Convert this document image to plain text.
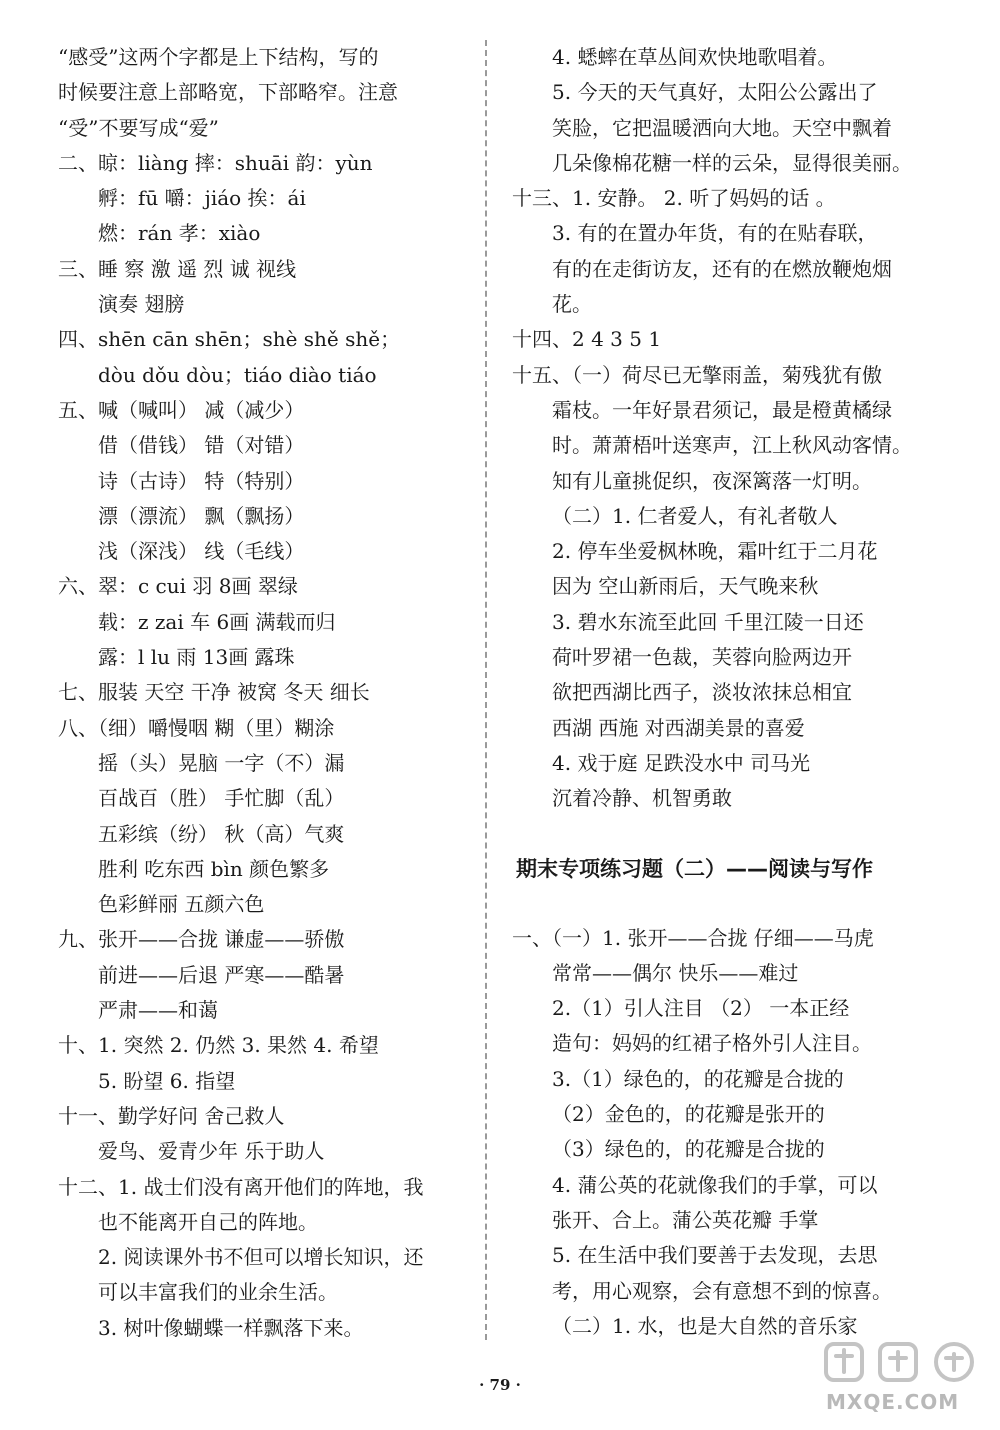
“感受”这两个字都是上下结构，写的
时候要注意上部略宽，下部略窄。注意
“受”不要写成“爱”
二、晾：liàng 摔：shuāi 韵：yùn
孵：fū 嚼：jiáo 挨：ái
燃：rán 孝：xiào
三、睡 察 激 遥 烈 诚 视线
演奏 翅膀
四、shēn cān shēn；shè shě shě；
dòu dǒu dòu；tiáo diào tiáo
五、喊（喊叫） 减（减少）
借（借钱） 错（对错）
诗（古诗） 特（特别）
漂（漂流） 飘（飘扬）
浅（深浅） 线（毛线）
六、翠：c cui 羽 8画 翠绿
载：z zai 车 6画 满载而归
露：l lu 雨 13画 露珠
七、服装 天空 干净 被窝 冬天 细长
八、（细）嚼慢咽 糊（里）糊涂
摇（头）晃脑 一字（不）漏
百战百（胜） 手忙脚（乱）
五彩缤（纷） 秋（高）气爽
胜利 吃东西 bìn 颜色繁多
色彩鲜丽 五颜六色
九、张开——合拢 谦虚——骄傲
前进——后退 严寒——酷暑
严肃——和蔼
十、1. 突然 2. 仍然 3. 果然 4. 希望
5. 盼望 6. 指望
十一、勤学好问 舍己救人
爱鸟、爱青少年 乐于助人
十二、1. 战士们没有离开他们的阵地，我
也不能离开自己的阵地。
2. 阅读课外书不但可以增长知识，还
可以丰富我们的业余生活。
3. 树叶像蝴蝶一样飘落下来。
4. 蟋蟀在草丛间欢快地歌唱着。
5. 今天的天气真好，太阳公公露出了
笑脸，它把温暖洒向大地。天空中飘着
几朵像棉花糖一样的云朵，显得很美丽。
十三、1. 安静。 2. 听了妈妈的话 。
3. 有的在置办年货，有的在贴春联，
有的在走街访友，还有的在燃放鞭炮烟
花。
十四、2 4 3 5 1
十五、（一）荷尽已无擎雨盖，菊残犹有傲
霜枝。一年好景君须记，最是橙黄橘绿
时。萧萧梧叶送寒声，江上秋风动客情。
知有儿童挑促织，夜深篱落一灯明。
（二）1. 仁者爱人，有礼者敬人
2. 停车坐爱枫林晚，霜叶红于二月花
因为 空山新雨后，天气晚来秋
3. 碧水东流至此回 千里江陵一日还
荷叶罗裙一色裁，芙蓉向脸两边开
欲把西湖比西子，淡妆浓抹总相宜
西湖 西施 对西湖美景的喜爱
4. 戏于庭 足跌没水中 司马光
沉着冷静、机智勇敢
期末专项练习题（二）——阅读与写作
一、（一）1. 张开——合拢 仔细——马虎
常常——偶尔 快乐——难过
2.（1）引人注目 （2） 一本正经
造句：妈妈的红裙子格外引人注目。
3.（1）绿色的，的花瓣是合拢的
（2）金色的，的花瓣是张开的
（3）绿色的，的花瓣是合拢的
4. 蒲公英的花就像我们的手掌，可以
张开、合上。蒲公英花瓣 手掌
5. 在生活中我们要善于去发现，去思
考，用心观察，会有意想不到的惊喜。
（二）1. 水，也是大自然的音乐家
· 79 ·
MXQE.COM
